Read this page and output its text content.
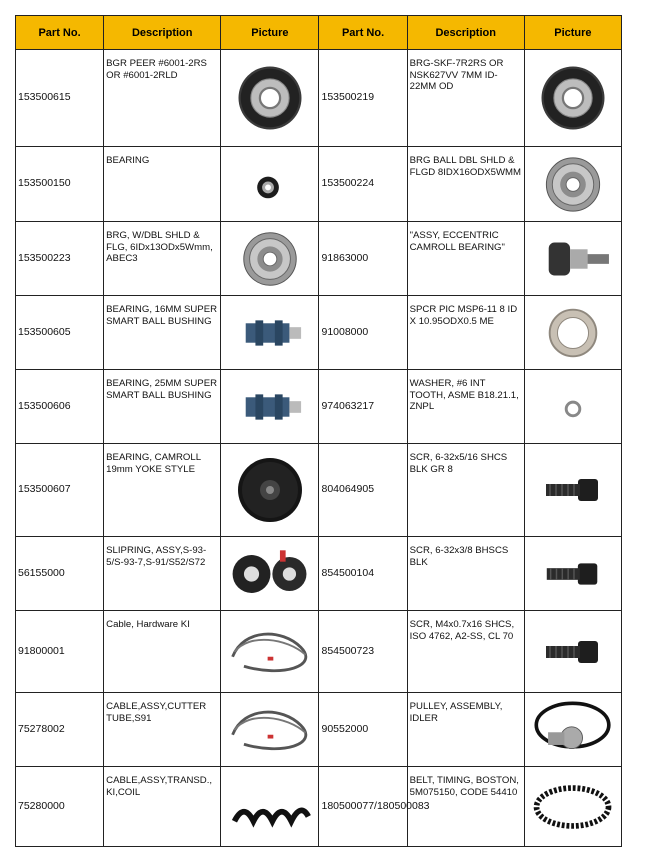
Part No.	Description	Picture	Part No.	Description	Picture
153500615	BGR PEER #6001-2RS OR #6001-2RLD		153500219	BRG-SKF-7R2RS OR NSK627VV 7MM ID-22MM OD	

153500150	BEARING		153500224	BRG BALL DBL SHLD & FLGD 8IDX16ODX5WMM	

153500223	BRG, W/DBL SHLD & FLG, 6IDx13ODx5Wmm, ABEC3		91863000	"ASSY, ECCENTRIC CAMROLL BEARING"	

153500605	BEARING, 16MM SUPER SMART BALL BUSHING		91008000	SPCR PIC MSP6-11 8 ID X 10.95ODX0.5 ME	

153500606	BEARING, 25MM SUPER SMART BALL BUSHING		974063217	WASHER, #6 INT TOOTH, ASME B18.21.1, ZNPL	

153500607	BEARING, CAMROLL 19mm YOKE STYLE		804064905	SCR, 6-32x5/16 SHCS BLK GR 8	

56155000	SLIPRING, ASSY,S-93-5/S-93-7,S-91/S52/S72		854500104	SCR, 6-32x3/8 BHSCS BLK	

91800001	Cable, Hardware KI		854500723	SCR, M4x0.7x16 SHCS, ISO 4762, A2-SS, CL 70	

75278002	CABLE,ASSY,CUTTER TUBE,S91		90552000	PULLEY, ASSEMBLY, IDLER	

75280000	CABLE,ASSY,TRANSD., KI,COIL		180500077/180500083	BELT, TIMING, BOSTON, 5M075150, CODE 54410	
